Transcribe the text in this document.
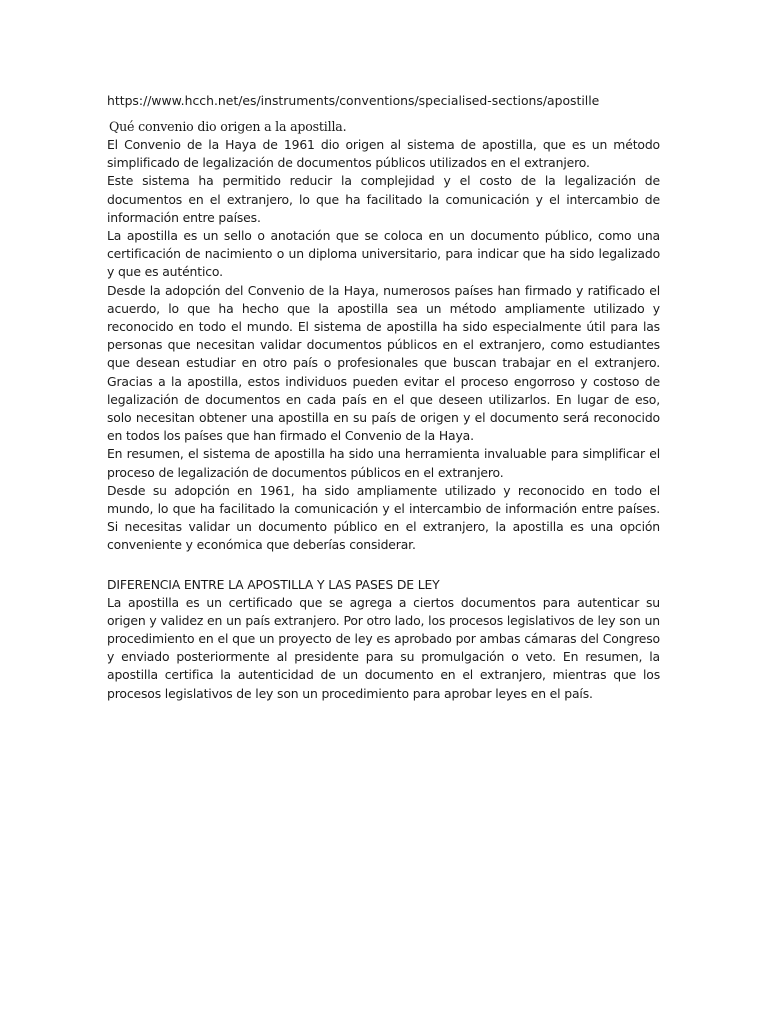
https://www.hcch.net/es/instruments/conventions/specialised-sections/apostille

Qué convenio dio origen a la apostilla.

El Convenio de la Haya de 1961 dio origen al sistema de apostilla, que es un método simplificado de legalización de documentos públicos utilizados en el extranjero.

Este sistema ha permitido reducir la complejidad y el costo de la legalización de documentos en el extranjero, lo que ha facilitado la comunicación y el intercambio de información entre países.

La apostilla es un sello o anotación que se coloca en un documento público, como una certificación de nacimiento o un diploma universitario, para indicar que ha sido legalizado y que es auténtico.

Desde la adopción del Convenio de la Haya, numerosos países han firmado y ratificado el acuerdo, lo que ha hecho que la apostilla sea un método ampliamente utilizado y reconocido en todo el mundo. El sistema de apostilla ha sido especialmente útil para las personas que necesitan validar documentos públicos en el extranjero, como estudiantes que desean estudiar en otro país o profesionales que buscan trabajar en el extranjero. Gracias a la apostilla, estos individuos pueden evitar el proceso engorroso y costoso de legalización de documentos en cada país en el que deseen utilizarlos. En lugar de eso, solo necesitan obtener una apostilla en su país de origen y el documento será reconocido en todos los países que han firmado el Convenio de la Haya.

En resumen, el sistema de apostilla ha sido una herramienta invaluable para simplificar el proceso de legalización de documentos públicos en el extranjero.

Desde su adopción en 1961, ha sido ampliamente utilizado y reconocido en todo el mundo, lo que ha facilitado la comunicación y el intercambio de información entre países. Si necesitas validar un documento público en el extranjero, la apostilla es una opción conveniente y económica que deberías considerar.

DIFERENCIA ENTRE LA APOSTILLA Y LAS PASES DE LEY

La apostilla es un certificado que se agrega a ciertos documentos para autenticar su origen y validez en un país extranjero. Por otro lado, los procesos legislativos de ley son un procedimiento en el que un proyecto de ley es aprobado por ambas cámaras del Congreso y enviado posteriormente al presidente para su promulgación o veto. En resumen, la apostilla certifica la autenticidad de un documento en el extranjero, mientras que los procesos legislativos de ley son un procedimiento para aprobar leyes en el país.
